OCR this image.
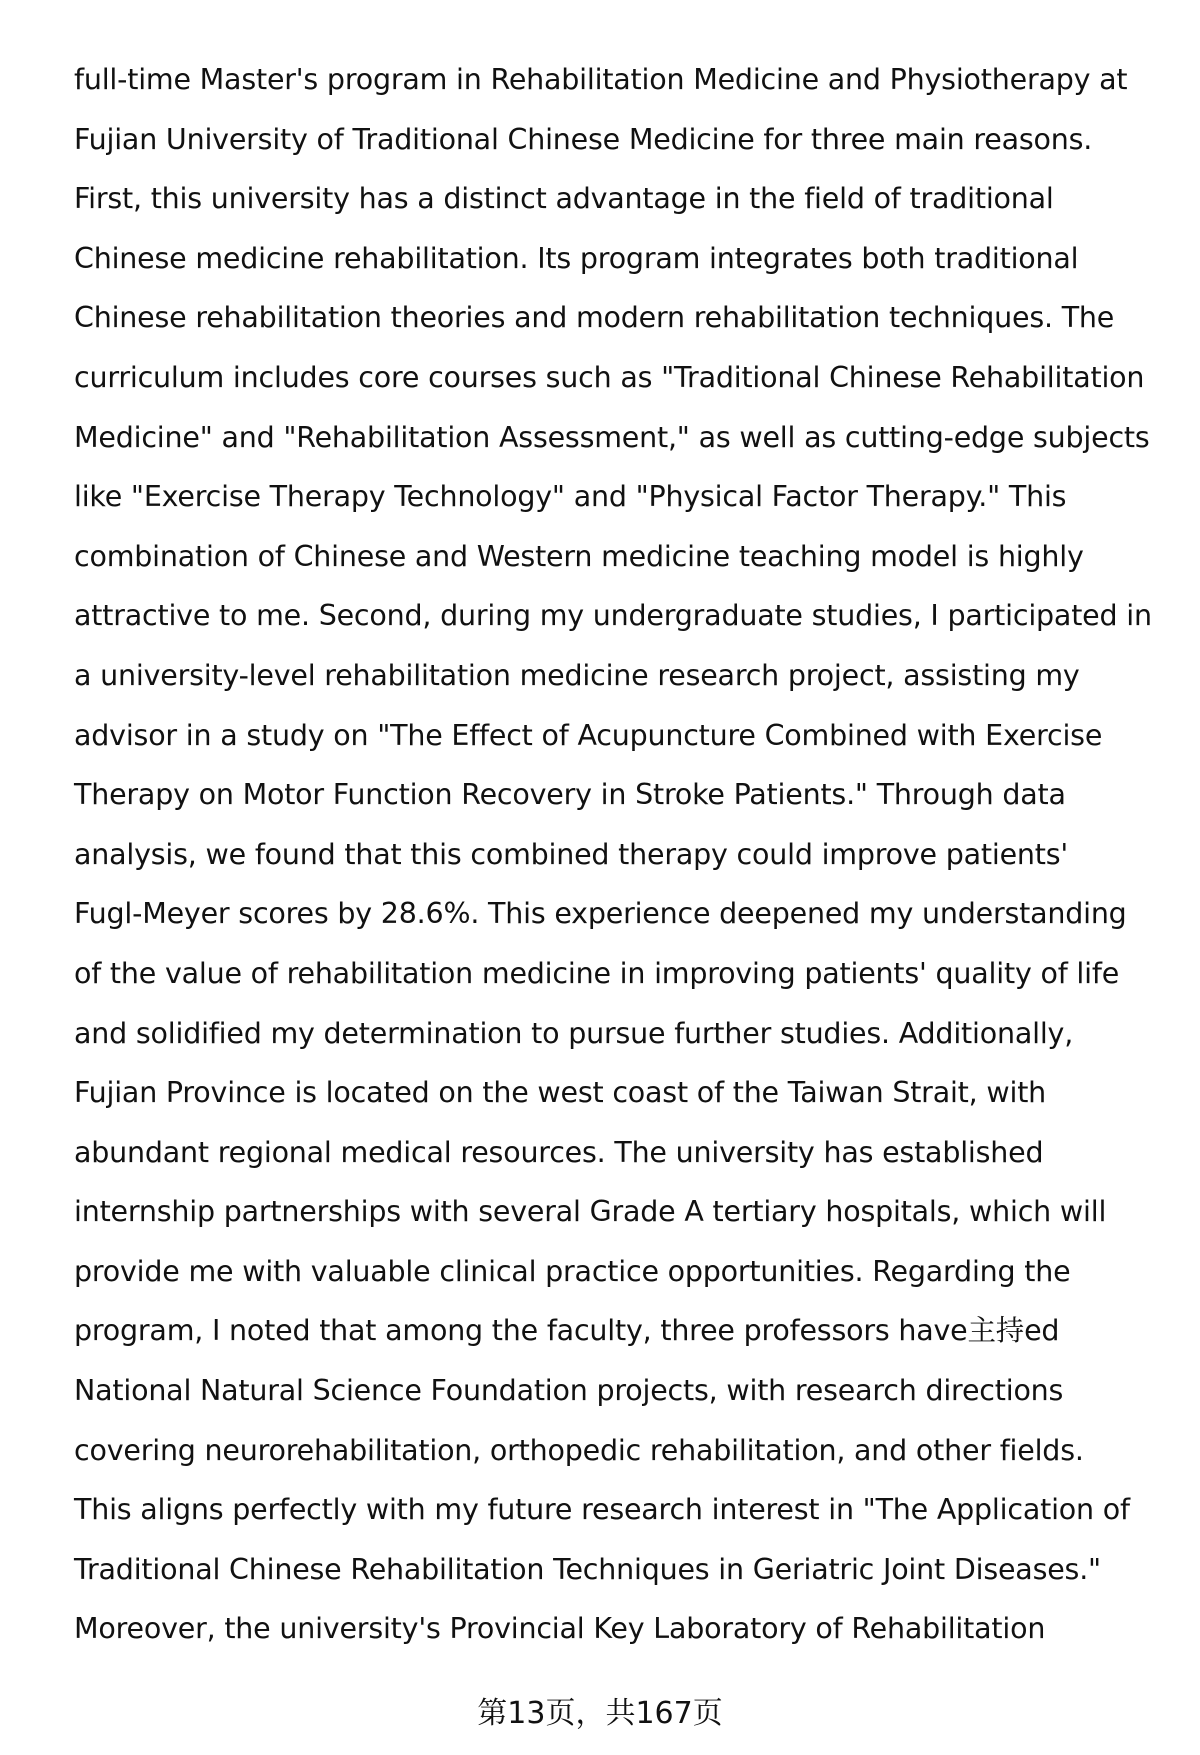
full-time Master's program in Rehabilitation Medicine and Physiotherapy at
Fujian University of Traditional Chinese Medicine for three main reasons.
First, this university has a distinct advantage in the field of traditional
Chinese medicine rehabilitation. Its program integrates both traditional
Chinese rehabilitation theories and modern rehabilitation techniques. The
curriculum includes core courses such as "Traditional Chinese Rehabilitation
Medicine" and "Rehabilitation Assessment," as well as cutting-edge subjects
like "Exercise Therapy Technology" and "Physical Factor Therapy." This
combination of Chinese and Western medicine teaching model is highly
attractive to me. Second, during my undergraduate studies, I participated in
a university-level rehabilitation medicine research project, assisting my
advisor in a study on "The Effect of Acupuncture Combined with Exercise
Therapy on Motor Function Recovery in Stroke Patients." Through data
analysis, we found that this combined therapy could improve patients'
Fugl-Meyer scores by 28.6%. This experience deepened my understanding
of the value of rehabilitation medicine in improving patients' quality of life
and solidified my determination to pursue further studies. Additionally,
Fujian Province is located on the west coast of the Taiwan Strait, with
abundant regional medical resources. The university has established
internship partnerships with several Grade A tertiary hospitals, which will
provide me with valuable clinical practice opportunities. Regarding the
program, I noted that among the faculty, three professors have主持ed
National Natural Science Foundation projects, with research directions
covering neurorehabilitation, orthopedic rehabilitation, and other fields.
This aligns perfectly with my future research interest in "The Application of
Traditional Chinese Rehabilitation Techniques in Geriatric Joint Diseases."
Moreover, the university's Provincial Key Laboratory of Rehabilitation
第13页，共167页
